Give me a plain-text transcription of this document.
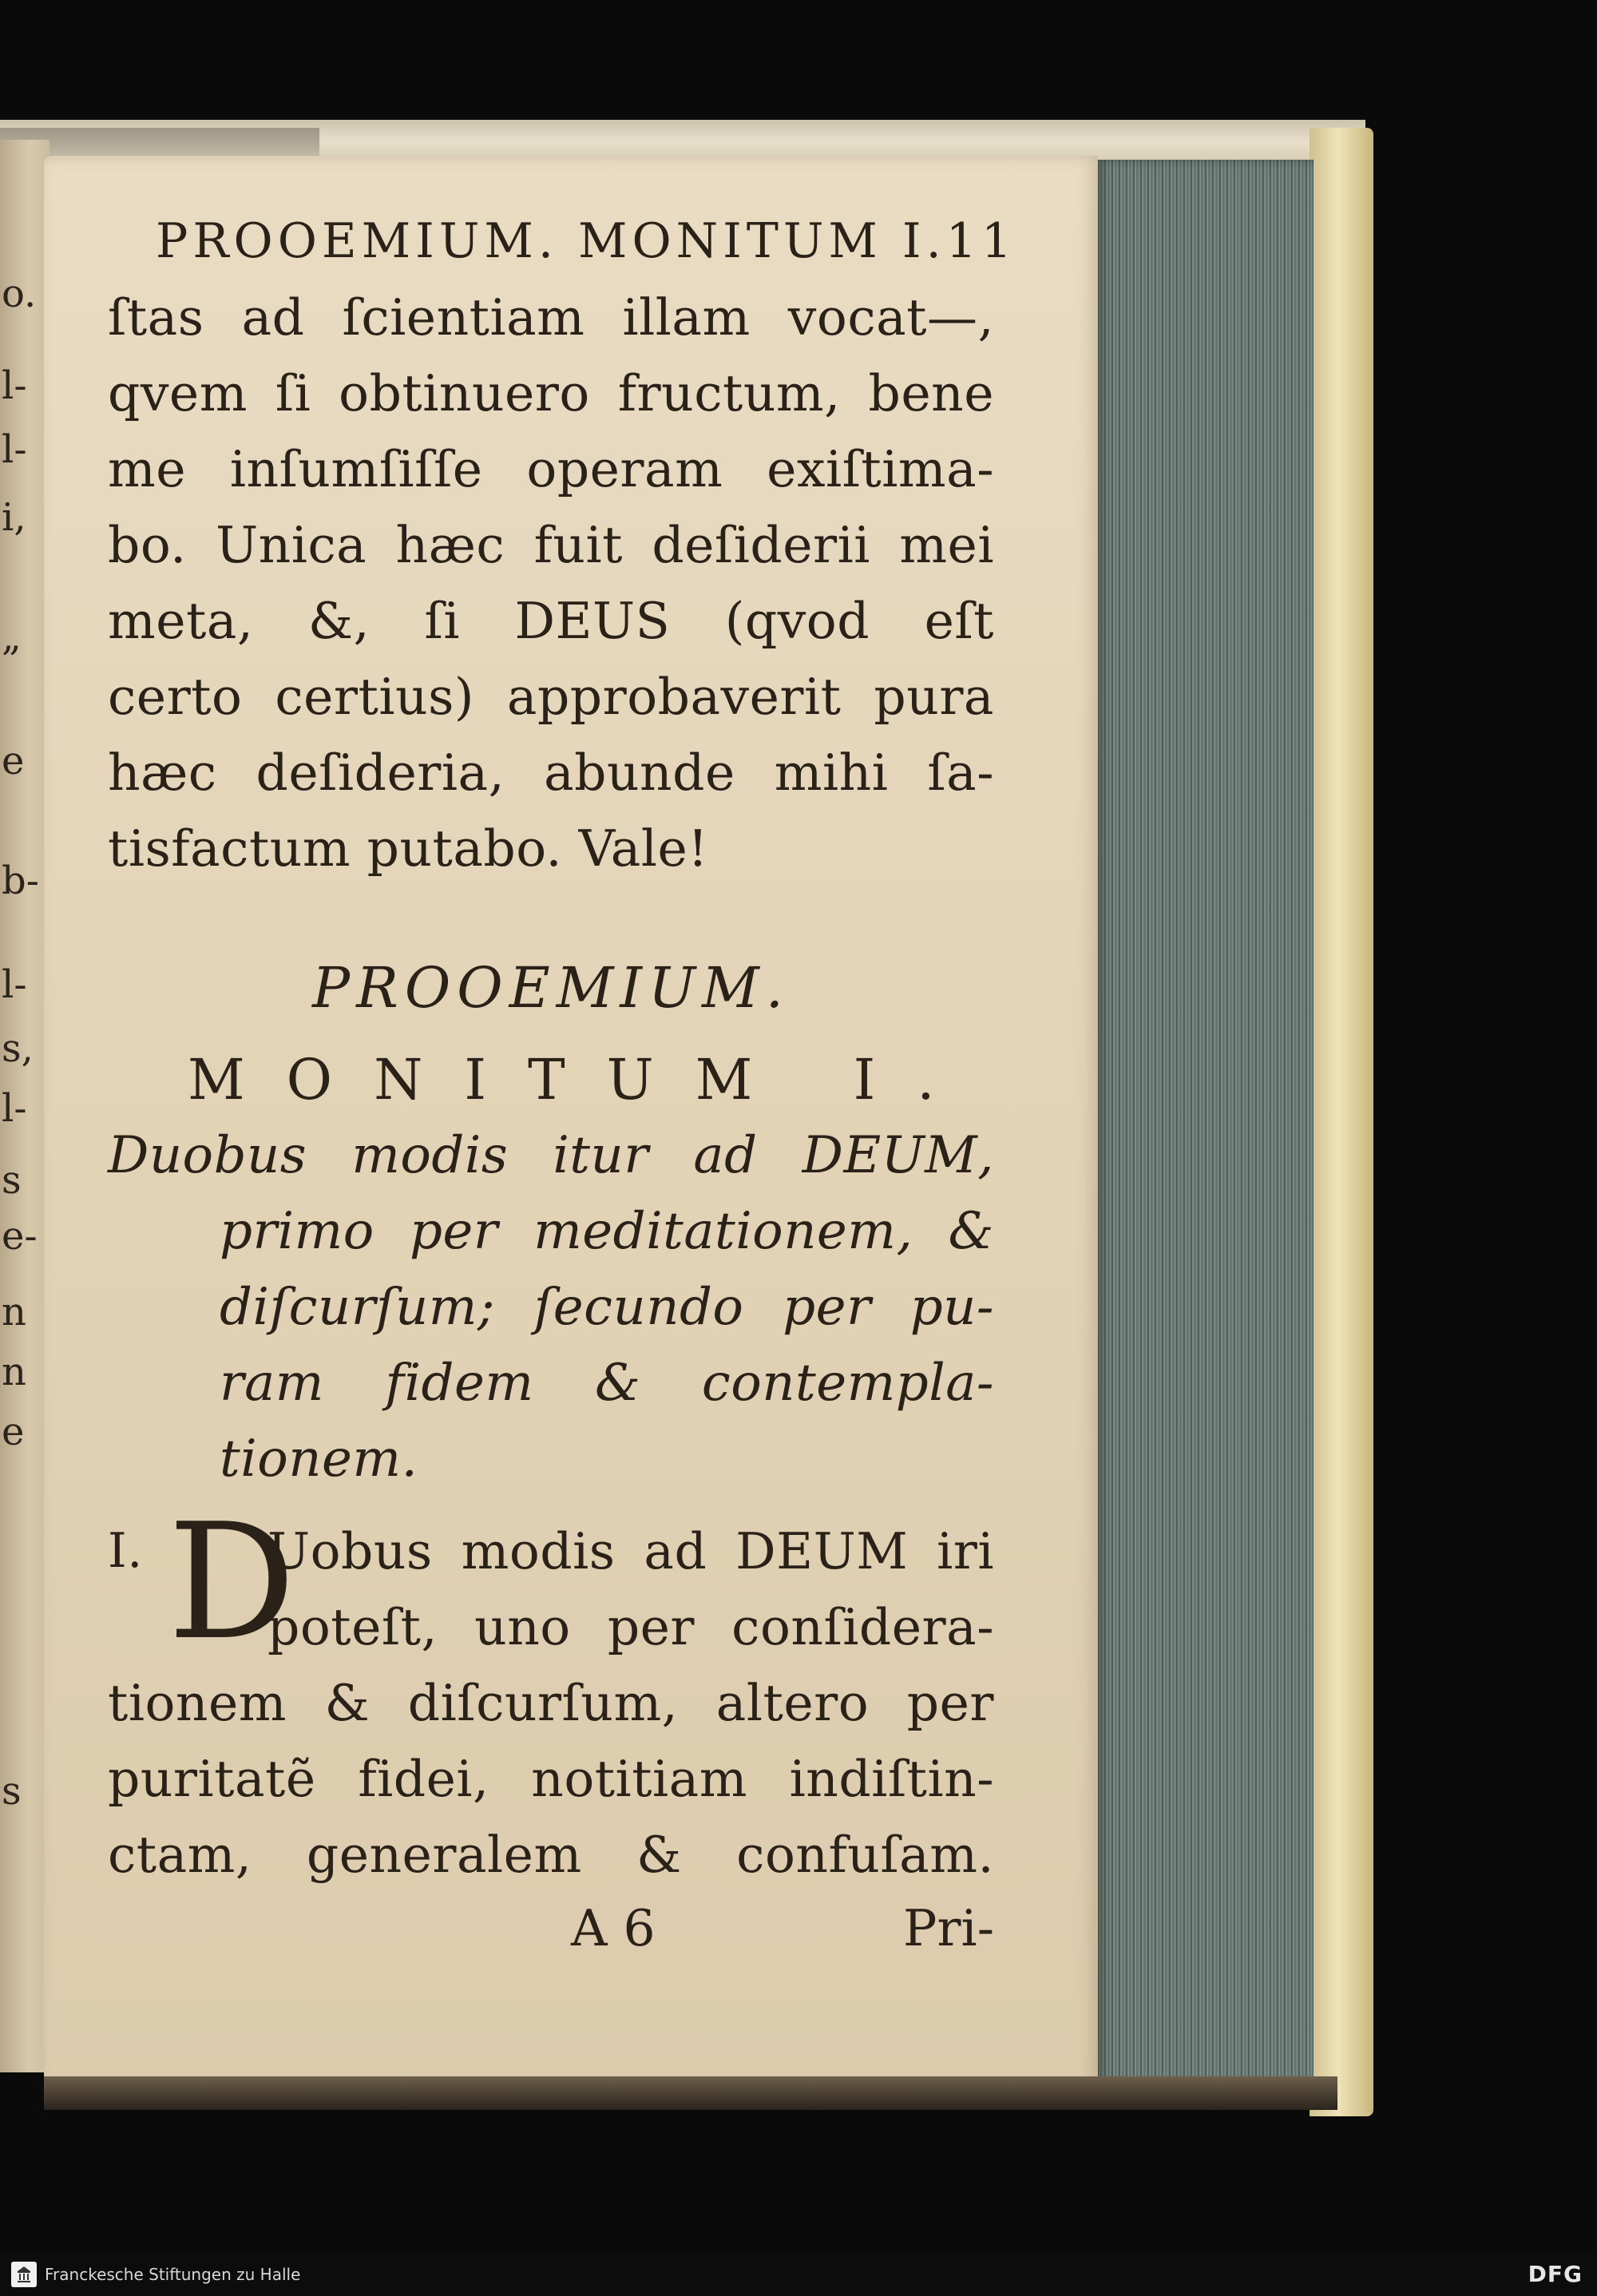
o.
l-
l-
i,
„
e
b-
l-
s,
l-
s
e-
n
n
e
s
PROOEMIUM. MONITUM I. 11
ſtas ad ſcientiam illam vocat—,
qvem ſi obtinuero fructum, bene
me inſumſiſſe operam exiſtima-
bo. Unica hæc fuit deſiderii mei
meta, &, ſi DEUS (qvod eſt
certo certius) approbaverit pura
hæc deſideria, abunde mihi ſa-
tisfactum putabo. Vale!
PROOEMIUM.
MONITUM I.
Duobus modis itur ad DEUM,
primo per meditationem, &
diſcurſum; ſecundo per pu-
ram fidem & contempla-
tionem.
I. D
Uobus modis ad DEUM iri
poteſt, uno per conſidera-
tionem & diſcurſum, altero per
puritatẽ fidei, notitiam indiſtin-
ctam, generalem & confuſam.
A 6	Pri-
Franckesche Stiftungen zu Halle	DFG
